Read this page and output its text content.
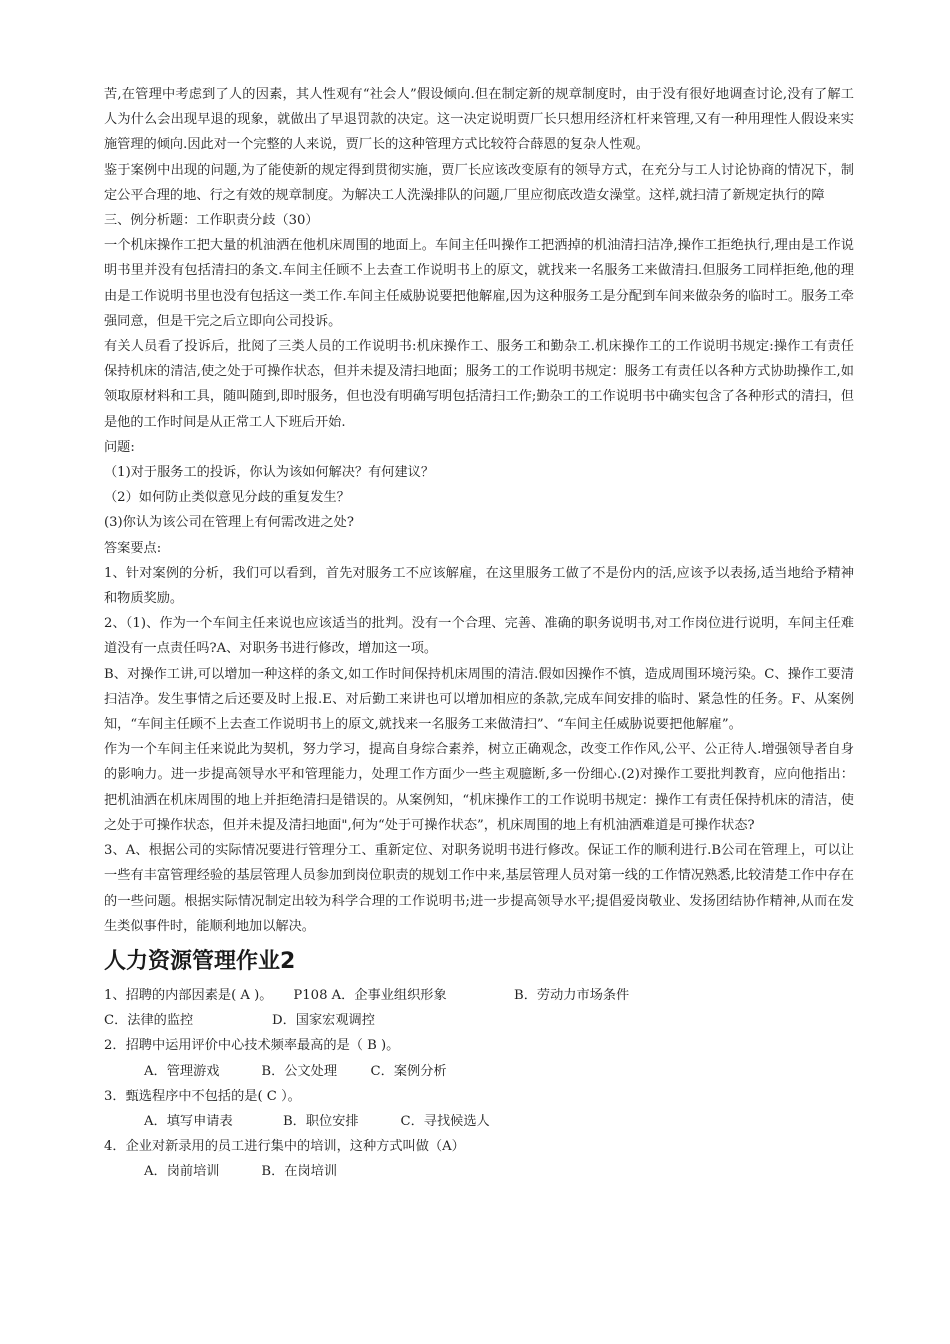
苦,在管理中考虑到了人的因素，其人性观有“社会人”假设倾向.但在制定新的规章制度时，由于没有很好地调查讨论,没有了解工人为什么会出现早退的现象，就做出了早退罚款的决定。这一决定说明贾厂长只想用经济杠杆来管理,又有一种用理性人假设来实施管理的倾向.因此对一个完整的人来说，贾厂长的这种管理方式比较符合薛恩的复杂人性观。

鉴于案例中出现的问题,为了能使新的规定得到贯彻实施，贾厂长应该改变原有的领导方式，在充分与工人讨论协商的情况下，制定公平合理的地、行之有效的规章制度。为解决工人洗澡排队的问题,厂里应彻底改造女澡堂。这样,就扫清了新规定执行的障

三、例分析题：工作职责分歧（30）

一个机床操作工把大量的机油洒在他机床周围的地面上。车间主任叫操作工把洒掉的机油清扫洁净,操作工拒绝执行,理由是工作说明书里并没有包括清扫的条文.车间主任顾不上去查工作说明书上的原文，就找来一名服务工来做清扫.但服务工同样拒绝,他的理由是工作说明书里也没有包括这一类工作.车间主任威胁说要把他解雇,因为这种服务工是分配到车间来做杂务的临时工。服务工牵强同意，但是干完之后立即向公司投诉。

有关人员看了投诉后，批阅了三类人员的工作说明书:机床操作工、服务工和勤杂工.机床操作工的工作说明书规定:操作工有责任保持机床的清洁,使之处于可操作状态，但并未提及清扫地面；服务工的工作说明书规定：服务工有责任以各种方式协助操作工,如领取原材料和工具，随叫随到,即时服务，但也没有明确写明包括清扫工作;勤杂工的工作说明书中确实包含了各种形式的清扫，但是他的工作时间是从正常工人下班后开始.

问题:

（1)对于服务工的投诉，你认为该如何解决？有何建议？

（2）如何防止类似意见分歧的重复发生？

(3)你认为该公司在管理上有何需改进之处?

答案要点:

1、针对案例的分析，我们可以看到，首先对服务工不应该解雇，在这里服务工做了不是份内的活,应该予以表扬,适当地给予精神和物质奖励。

2、（1)、作为一个车间主任来说也应该适当的批判。没有一个合理、完善、准确的职务说明书,对工作岗位进行说明，车间主任难道没有一点责任吗?A、对职务书进行修改，增加这一项。

B、对操作工讲,可以增加一种这样的条文,如工作时间保持机床周围的清洁.假如因操作不慎，造成周围环境污染。C、操作工要清扫洁净。发生事情之后还要及时上报.E、对后勤工来讲也可以增加相应的条款,完成车间安排的临时、紧急性的任务。F、从案例知，“车间主任顾不上去查工作说明书上的原文,就找来一名服务工来做清扫”、“车间主任威胁说要把他解雇”。

作为一个车间主任来说此为契机，努力学习，提高自身综合素养，树立正确观念，改变工作作风,公平、公正待人.增强领导者自身的影响力。进一步提高领导水平和管理能力，处理工作方面少一些主观臆断,多一份细心.(2)对操作工要批判教育，应向他指出：把机油洒在机床周围的地上并拒绝清扫是错误的。从案例知，“机床操作工的工作说明书规定：操作工有责任保持机床的清洁，使之处于可操作状态，但并未提及清扫地面",何为“处于可操作状态”，机床周围的地上有机油洒难道是可操作状态?

3、A、根据公司的实际情况要进行管理分工、重新定位、对职务说明书进行修改。保证工作的顺利进行.B公司在管理上，可以让一些有丰富管理经验的基层管理人员参加到岗位职责的规划工作中来,基层管理人员对第一线的工作情况熟悉,比较清楚工作中存在的一些问题。根据实际情况制定出较为科学合理的工作说明书;进一步提高领导水平;提倡爱岗敬业、发扬团结协作精神,从而在发生类似事件时，能顺利地加以解决。

人力资源管理作业2
1、招聘的内部因素是( A )。     P108 A．企事业组织形象	B．劳动力市场条件
C．法律的监控	D．国家宏观调控

2．招聘中运用评价中心技术频率最高的是（ B )。

A．管理游戏          B．公文处理        C．案例分析

3．甄选程序中不包括的是( C ）。

A．填写申请表            B．职位安排          C．寻找候选人

4．企业对新录用的员工进行集中的培训，这种方式叫做（A）

A．岗前培训          B．在岗培训
